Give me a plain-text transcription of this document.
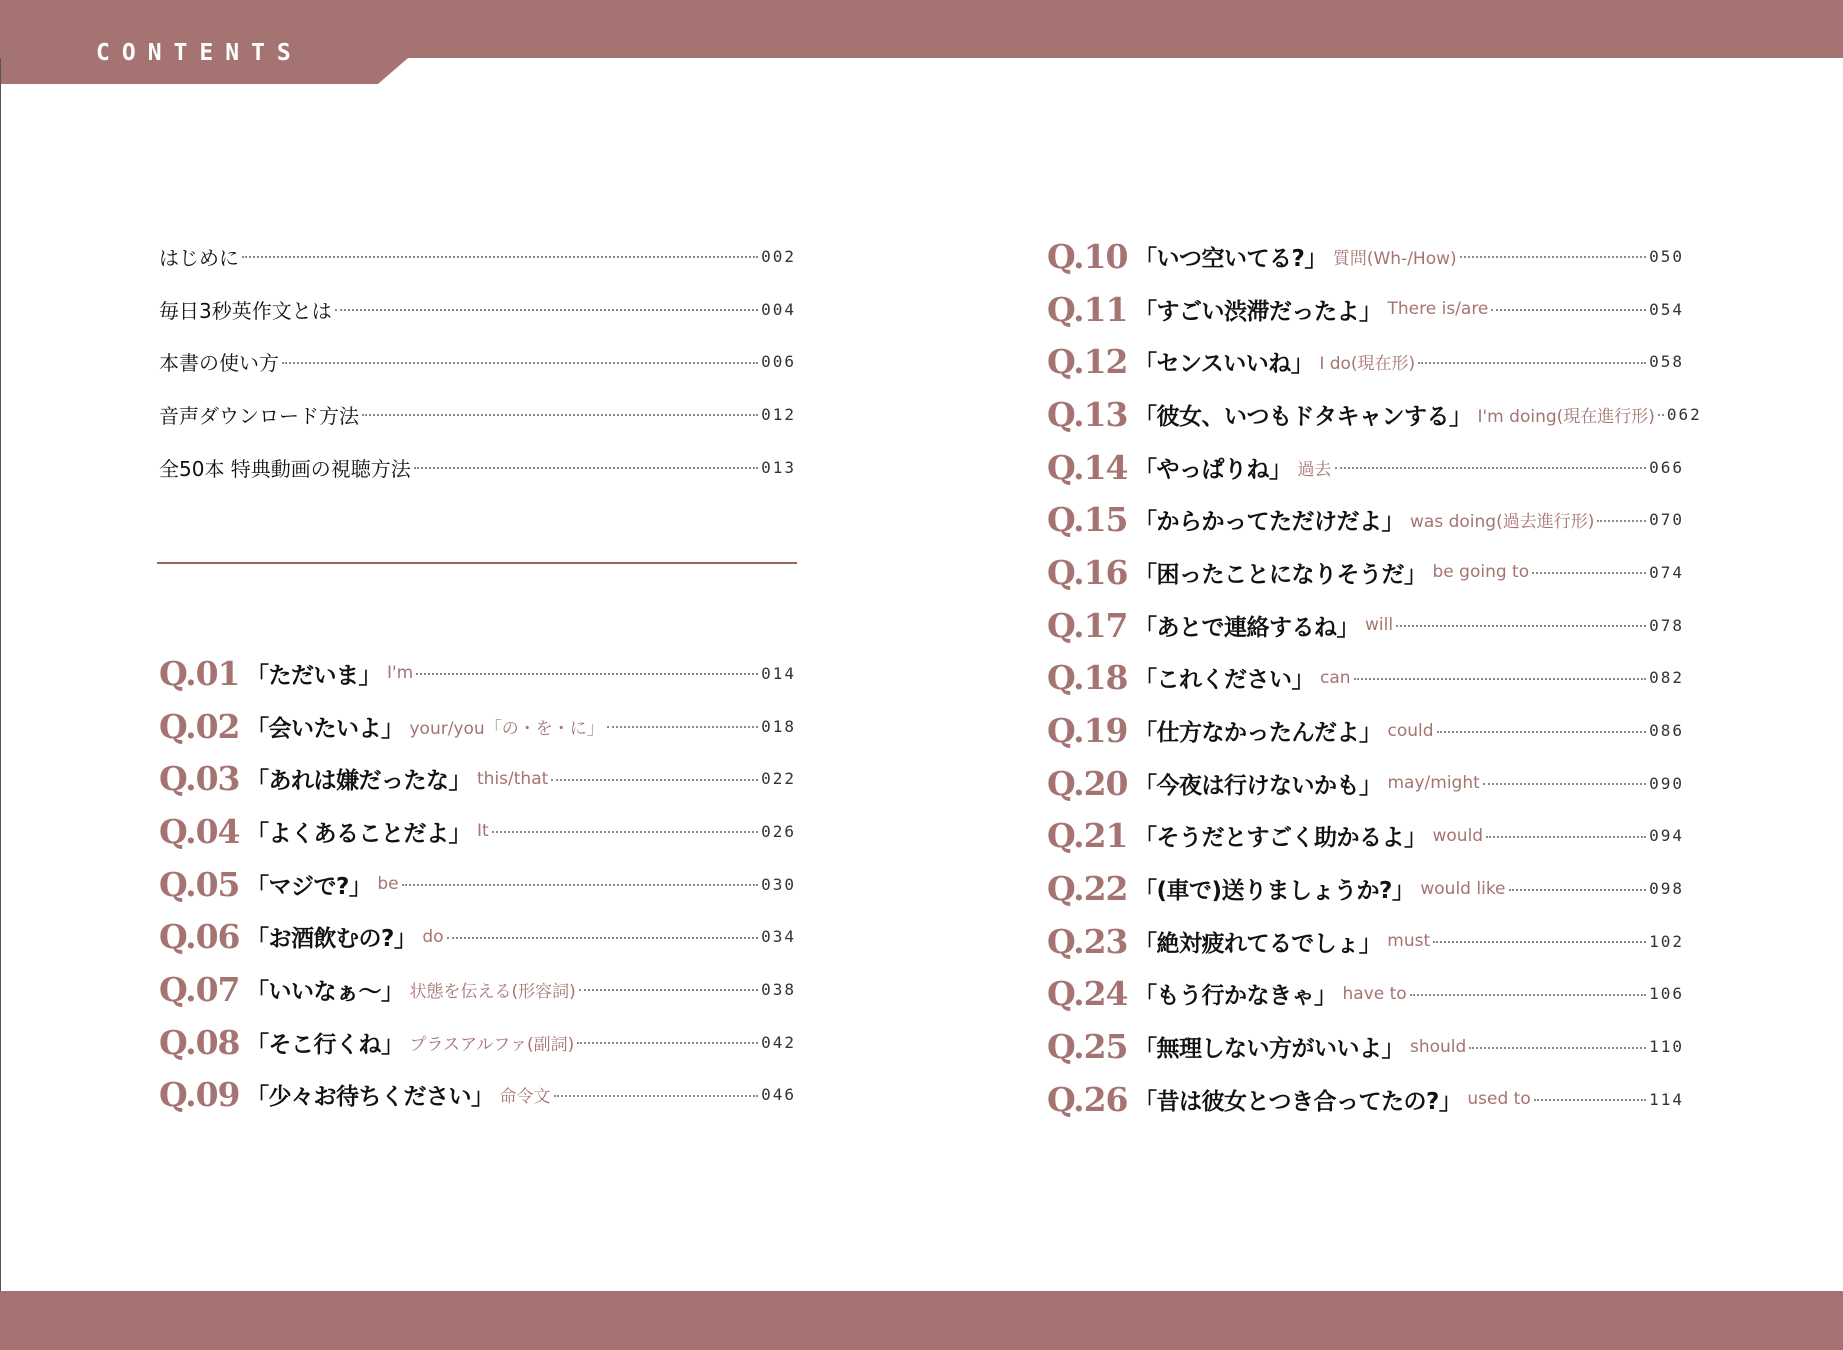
CONTENTS
はじめに	002
毎日3秒英作文とは	004
本書の使い方	006
音声ダウンロード方法	012
全50本 特典動画の視聴方法	013
Q.01 「ただいま」 I'm	014
Q.02 「会いたいよ」 your/you「の・を・に」	018
Q.03 「あれは嫌だったな」 this/that	022
Q.04 「よくあることだよ」 It	026
Q.05 「マジで?」 be	030
Q.06 「お酒飲むの?」 do	034
Q.07 「いいなぁ〜」 状態を伝える(形容詞)	038
Q.08 「そこ行くね」 プラスアルファ(副詞)	042
Q.09 「少々お待ちください」 命令文	046
Q.10 「いつ空いてる?」 質問(Wh-/How)	050
Q.11 「すごい渋滞だったよ」 There is/are	054
Q.12 「センスいいね」 I do(現在形)	058
Q.13 「彼女、いつもドタキャンする」 I'm doing(現在進行形) 062
Q.14 「やっぱりね」 過去	066
Q.15 「からかってただけだよ」 was doing(過去進行形)	070
Q.16 「困ったことになりそうだ」 be going to	074
Q.17 「あとで連絡するね」 will	078
Q.18 「これください」 can	082
Q.19 「仕方なかったんだよ」 could	086
Q.20 「今夜は行けないかも」 may/might	090
Q.21 「そうだとすごく助かるよ」 would	094
Q.22 「(車で)送りましょうか?」 would like	098
Q.23 「絶対疲れてるでしょ」 must	102
Q.24 「もう行かなきゃ」 have to	106
Q.25 「無理しない方がいいよ」 should	110
Q.26 「昔は彼女とつき合ってたの?」 used to	114
